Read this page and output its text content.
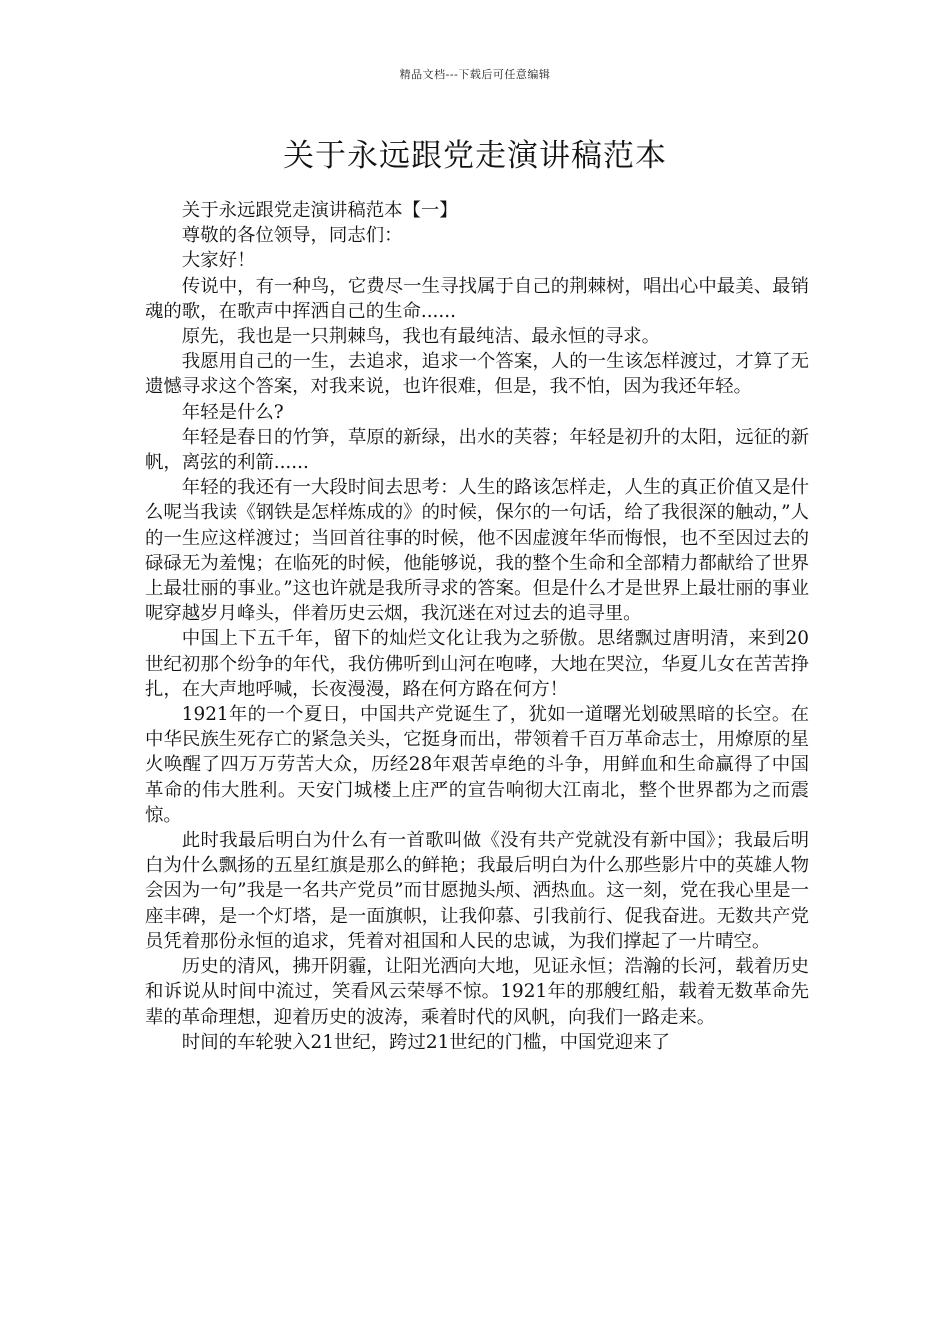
精品文档---下载后可任意编辑
关于永远跟党走演讲稿范本

关于永远跟党走演讲稿范本【一】

尊敬的各位领导，同志们：

大家好！

传说中，有一种鸟，它费尽一生寻找属于自己的荆棘树，唱出心中最美、最销魂的歌，在歌声中挥洒自己的生命......

原先，我也是一只荆棘鸟，我也有最纯洁、最永恒的寻求。

我愿用自己的一生，去追求，追求一个答案，人的一生该怎样渡过，才算了无遗憾寻求这个答案，对我来说，也许很难，但是，我不怕，因为我还年轻。

年轻是什么?

年轻是春日的竹笋，草原的新绿，出水的芙蓉；年轻是初升的太阳，远征的新帆，离弦的利箭......

年轻的我还有一大段时间去思考：人生的路该怎样走，人生的真正价值又是什么呢当我读《钢铁是怎样炼成的》的时候，保尔的一句话，给了我很深的触动，”人的一生应这样渡过；当回首往事的时候，他不因虚渡年华而悔恨，也不至因过去的碌碌无为羞愧；在临死的时候，他能够说，我的整个生命和全部精力都献给了世界上最壮丽的事业。”这也许就是我所寻求的答案。但是什么才是世界上最壮丽的事业呢穿越岁月峰头，伴着历史云烟，我沉迷在对过去的追寻里。

中国上下五千年，留下的灿烂文化让我为之骄傲。思绪飘过唐明清，来到20世纪初那个纷争的年代，我仿佛听到山河在咆哮，大地在哭泣，华夏儿女在苦苦挣扎，在大声地呼喊，长夜漫漫，路在何方路在何方！

1921年的一个夏日，中国共产党诞生了，犹如一道曙光划破黑暗的长空。在中华民族生死存亡的紧急关头，它挺身而出，带领着千百万革命志士，用燎原的星火唤醒了四万万劳苦大众，历经28年艰苦卓绝的斗争，用鲜血和生命赢得了中国革命的伟大胜利。天安门城楼上庄严的宣告响彻大江南北，整个世界都为之而震惊。

此时我最后明白为什么有一首歌叫做《没有共产党就没有新中国》；我最后明白为什么飘扬的五星红旗是那么的鲜艳；我最后明白为什么那些影片中的英雄人物会因为一句”我是一名共产党员”而甘愿抛头颅、洒热血。这一刻，党在我心里是一座丰碑，是一个灯塔，是一面旗帜，让我仰慕、引我前行、促我奋进。无数共产党员凭着那份永恒的追求，凭着对祖国和人民的忠诚，为我们撑起了一片晴空。

历史的清风，拂开阴霾，让阳光洒向大地，见证永恒；浩瀚的长河，载着历史和诉说从时间中流过，笑看风云荣辱不惊。1921年的那艘红船，载着无数革命先辈的革命理想，迎着历史的波涛，乘着时代的风帆，向我们一路走来。

时间的车轮驶入21世纪，跨过21世纪的门槛，中国党迎来了
